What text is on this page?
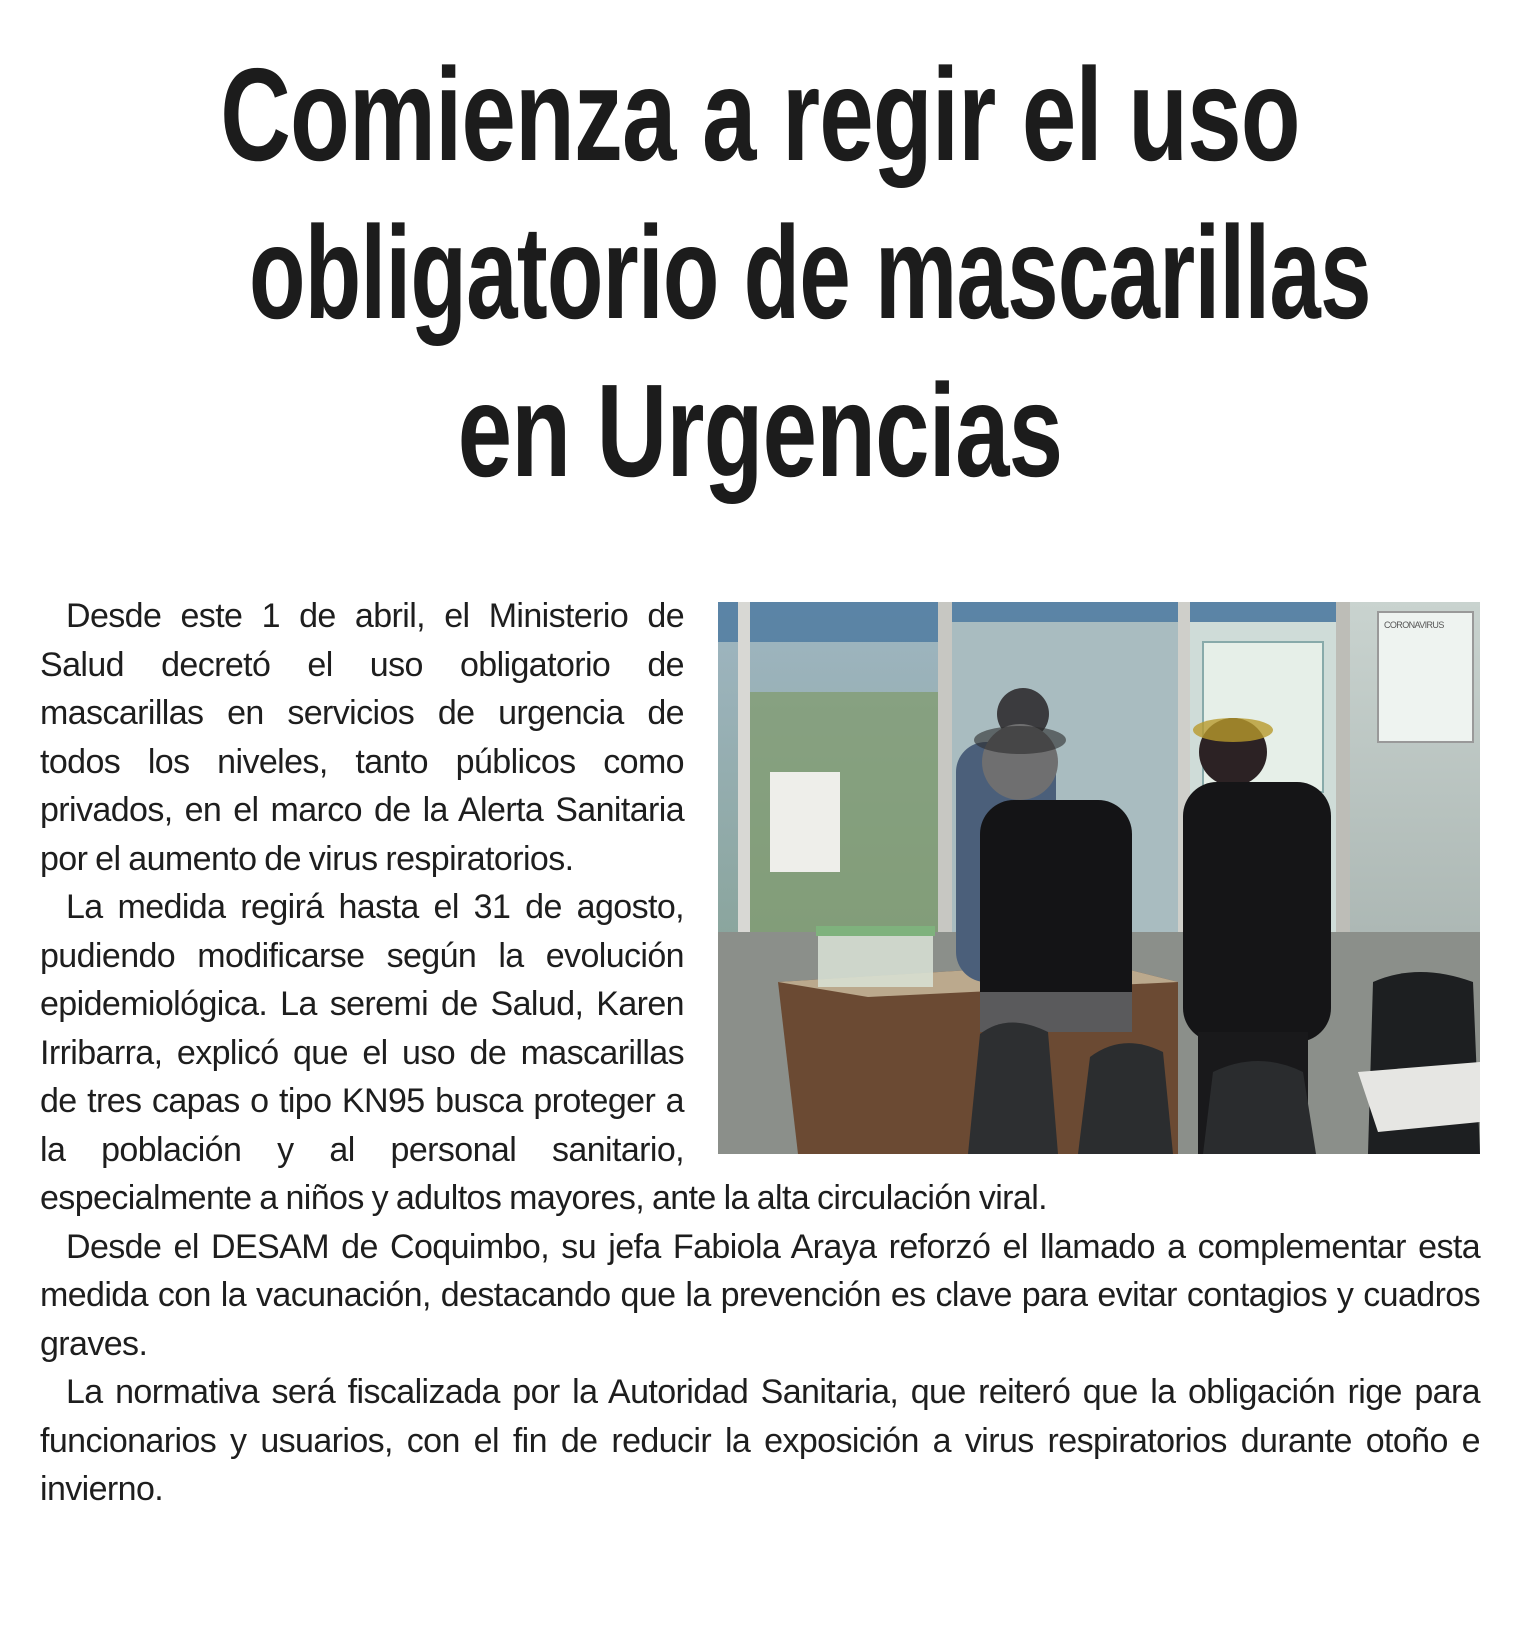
Comienza a regir el uso
obligatorio de mascarillas
en Urgencias
CORONAVIRUS

Desde este 1 de abril, el Ministerio de Salud decretó el uso obligatorio de mascarillas en servicios de urgencia de todos los niveles, tanto públicos como privados, en el marco de la Alerta Sanitaria por el aumento de virus respiratorios.

La medida regirá hasta el 31 de agosto, pudiendo modificarse según la evolución epidemiológica. La seremi de Salud, Karen Irribarra, explicó que el uso de mascarillas de tres capas o tipo KN95 busca proteger a la población y al personal sanitario, especialmente a niños y adultos mayores, ante la alta circulación viral.

Desde el DESAM de Coquimbo, su jefa Fabiola Araya reforzó el llamado a complementar esta medida con la vacunación, destacando que la prevención es clave para evitar contagios y cuadros graves.

La normativa será fiscalizada por la Autoridad Sanitaria, que reiteró que la obligación rige para funcionarios y usuarios, con el fin de reducir la exposición a virus respiratorios durante otoño e invierno.
